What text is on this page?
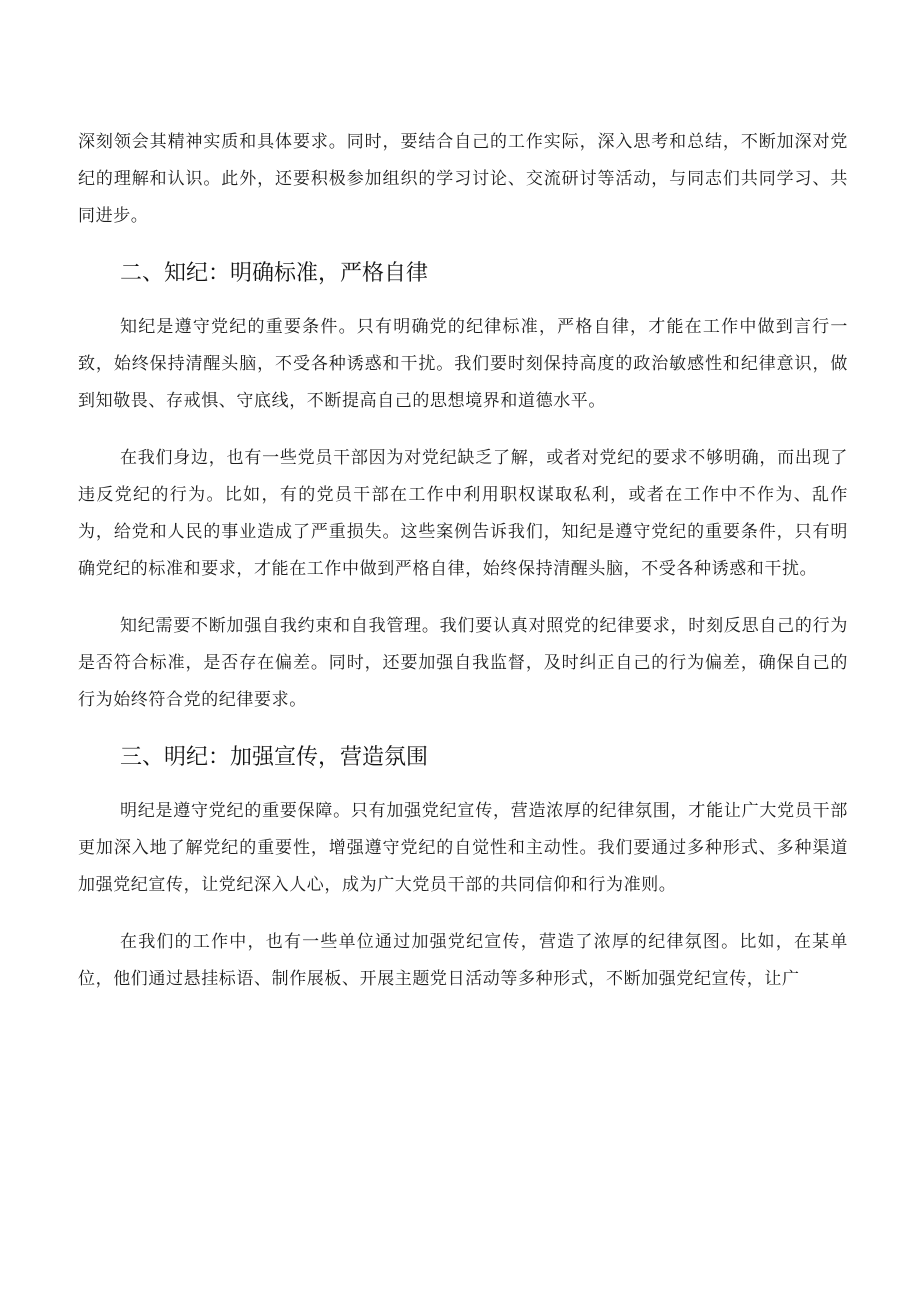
深刻领会其精神实质和具体要求。同时，要结合自己的工作实际，深入思考和总结，不断加深对党纪的理解和认识。此外，还要积极参加组织的学习讨论、交流研讨等活动，与同志们共同学习、共同进步。

二、知纪：明确标准，严格自律

知纪是遵守党纪的重要条件。只有明确党的纪律标准，严格自律，才能在工作中做到言行一致，始终保持清醒头脑，不受各种诱惑和干扰。我们要时刻保持高度的政治敏感性和纪律意识，做到知敬畏、存戒惧、守底线，不断提高自己的思想境界和道德水平。

在我们身边，也有一些党员干部因为对党纪缺乏了解，或者对党纪的要求不够明确，而出现了违反党纪的行为。比如，有的党员干部在工作中利用职权谋取私利，或者在工作中不作为、乱作为，给党和人民的事业造成了严重损失。这些案例告诉我们，知纪是遵守党纪的重要条件，只有明确党纪的标准和要求，才能在工作中做到严格自律，始终保持清醒头脑，不受各种诱惑和干扰。

知纪需要不断加强自我约束和自我管理。我们要认真对照党的纪律要求，时刻反思自己的行为是否符合标准，是否存在偏差。同时，还要加强自我监督，及时纠正自己的行为偏差，确保自己的行为始终符合党的纪律要求。

三、明纪：加强宣传，营造氛围

明纪是遵守党纪的重要保障。只有加强党纪宣传，营造浓厚的纪律氛围，才能让广大党员干部更加深入地了解党纪的重要性，增强遵守党纪的自觉性和主动性。我们要通过多种形式、多种渠道加强党纪宣传，让党纪深入人心，成为广大党员干部的共同信仰和行为准则。

在我们的工作中，也有一些单位通过加强党纪宣传，营造了浓厚的纪律氛图。比如，在某单位，他们通过悬挂标语、制作展板、开展主题党日活动等多种形式，不断加强党纪宣传，让广
